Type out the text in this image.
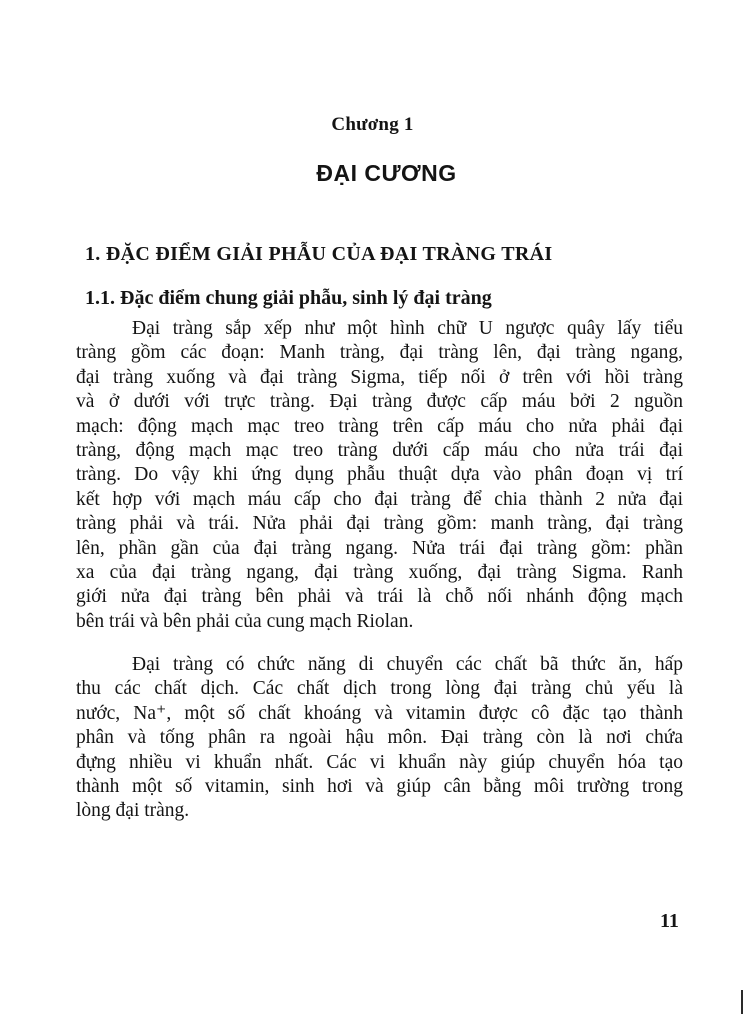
Chương 1
ĐẠI CƯƠNG
1. ĐẶC ĐIỂM GIẢI PHẪU CỦA ĐẠI TRÀNG TRÁI
1.1. Đặc điểm chung giải phẫu, sinh lý đại tràng
Đại tràng sắp xếp như một hình chữ U ngược quây lấy tiểu
tràng gồm các đoạn: Manh tràng, đại tràng lên, đại tràng ngang,
đại tràng xuống và đại tràng Sigma, tiếp nối ở trên với hồi tràng
và ở dưới với trực tràng. Đại tràng được cấp máu bởi 2 nguồn
mạch: động mạch mạc treo tràng trên cấp máu cho nửa phải đại
tràng, động mạch mạc treo tràng dưới cấp máu cho nửa trái đại
tràng. Do vậy khi ứng dụng phẫu thuật dựa vào phân đoạn vị trí
kết hợp với mạch máu cấp cho đại tràng để chia thành 2 nửa đại
tràng phải và trái. Nửa phải đại tràng gồm: manh tràng, đại tràng
lên, phần gần của đại tràng ngang. Nửa trái đại tràng gồm: phần
xa của đại tràng ngang, đại tràng xuống, đại tràng Sigma. Ranh
giới nửa đại tràng bên phải và trái là chỗ nối nhánh động mạch
bên trái và bên phải của cung mạch Riolan.
Đại tràng có chức năng di chuyển các chất bã thức ăn, hấp
thu các chất dịch. Các chất dịch trong lòng đại tràng chủ yếu là
nước, Na⁺, một số chất khoáng và vitamin được cô đặc tạo thành
phân và tống phân ra ngoài hậu môn. Đại tràng còn là nơi chứa
đựng nhiều vi khuẩn nhất. Các vi khuẩn này giúp chuyển hóa tạo
thành một số vitamin, sinh hơi và giúp cân bằng môi trường trong
lòng đại tràng.
11
